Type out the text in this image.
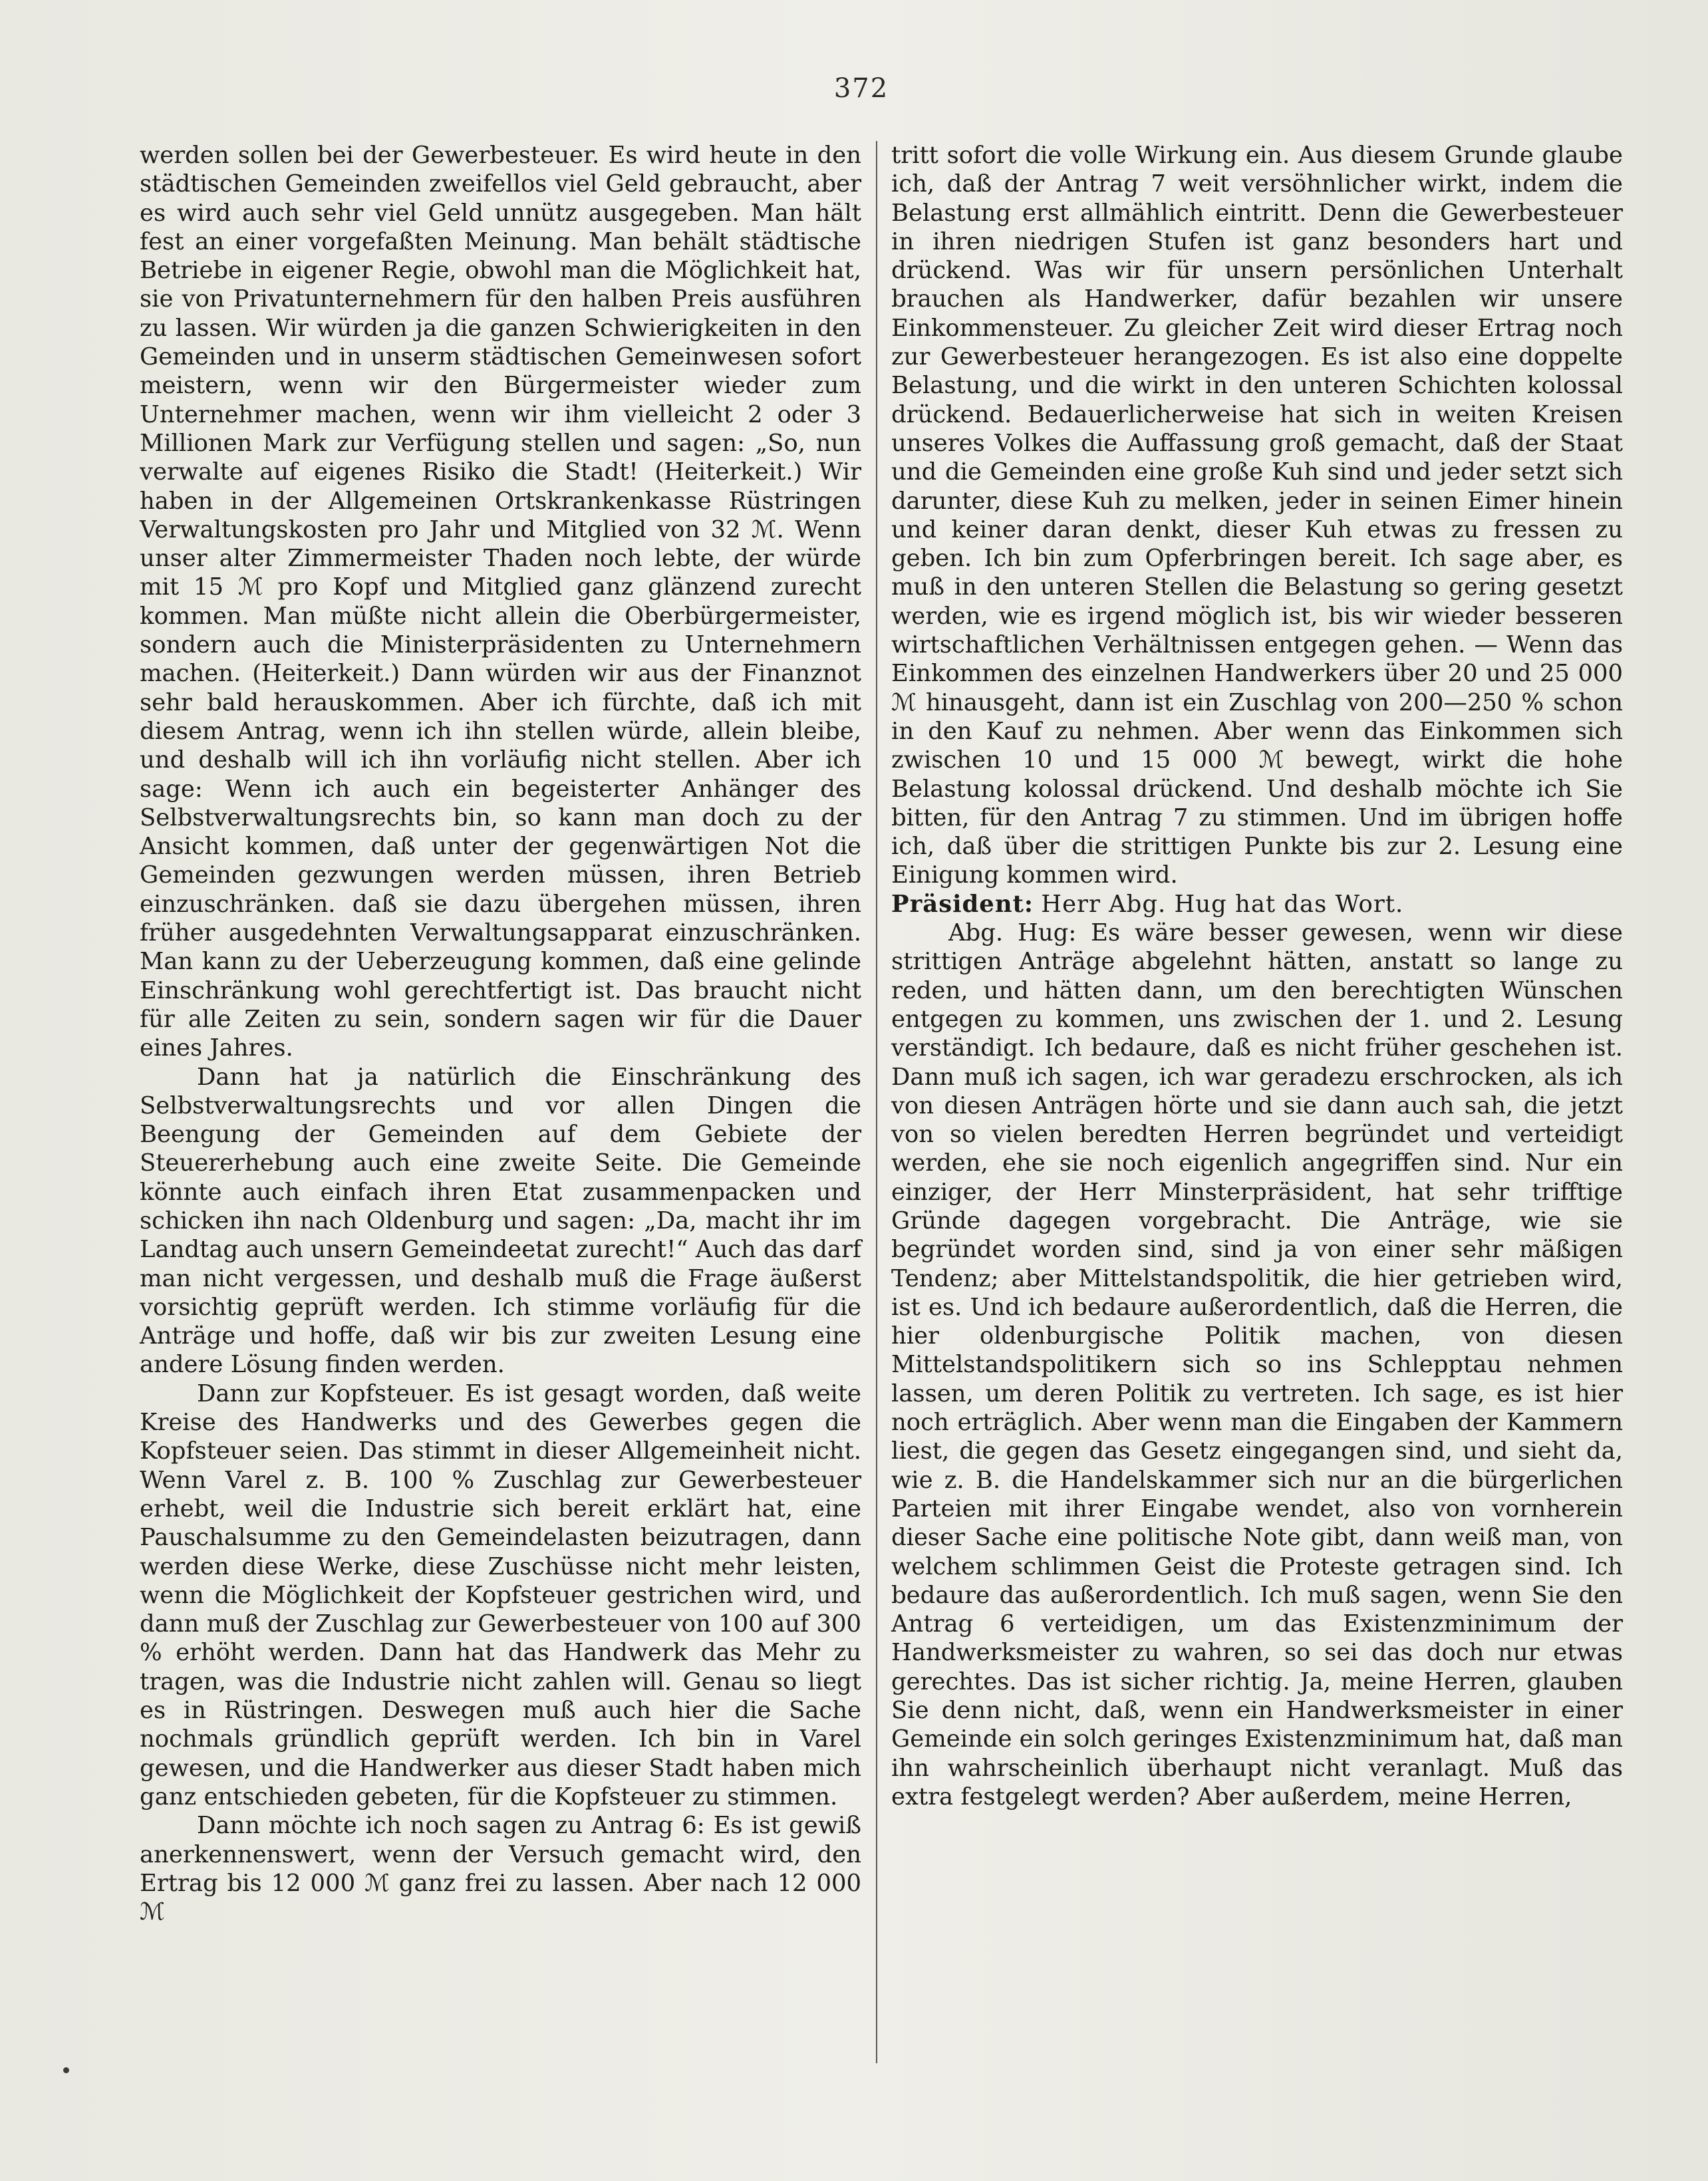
372

werden sollen bei der Gewerbesteuer. Es wird heute in den städtischen Gemeinden zweifellos viel Geld gebraucht, aber es wird auch sehr viel Geld unnütz ausgegeben. Man hält fest an einer vorgefaßten Meinung. Man behält städtische Betriebe in eigener Regie, obwohl man die Möglichkeit hat, sie von Privatunternehmern für den halben Preis ausführen zu lassen. Wir würden ja die ganzen Schwierigkeiten in den Gemeinden und in unserm städtischen Gemeinwesen sofort meistern, wenn wir den Bürgermeister wieder zum Unternehmer machen, wenn wir ihm vielleicht 2 oder 3 Millionen Mark zur Verfügung stellen und sagen: „So, nun verwalte auf eigenes Risiko die Stadt! (Heiterkeit.) Wir haben in der Allgemeinen Ortskrankenkasse Rüstringen Verwaltungskosten pro Jahr und Mitglied von 32 ℳ. Wenn unser alter Zimmermeister Thaden noch lebte, der würde mit 15 ℳ pro Kopf und Mitglied ganz glänzend zurecht kommen. Man müßte nicht allein die Oberbürgermeister, sondern auch die Ministerpräsidenten zu Unternehmern machen. (Heiterkeit.) Dann würden wir aus der Finanznot sehr bald herauskommen. Aber ich fürchte, daß ich mit diesem Antrag, wenn ich ihn stellen würde, allein bleibe, und deshalb will ich ihn vorläufig nicht stellen. Aber ich sage: Wenn ich auch ein begeisterter Anhänger des Selbstverwaltungsrechts bin, so kann man doch zu der Ansicht kommen, daß unter der gegenwärtigen Not die Gemeinden gezwungen werden müssen, ihren Betrieb einzuschränken. daß sie dazu übergehen müssen, ihren früher ausgedehnten Verwaltungsapparat einzuschränken. Man kann zu der Ueberzeugung kommen, daß eine gelinde Einschränkung wohl gerechtfertigt ist. Das braucht nicht für alle Zeiten zu sein, sondern sagen wir für die Dauer eines Jahres.

Dann hat ja natürlich die Einschränkung des Selbstverwaltungsrechts und vor allen Dingen die Beengung der Gemeinden auf dem Gebiete der Steuererhebung auch eine zweite Seite. Die Gemeinde könnte auch einfach ihren Etat zusammenpacken und schicken ihn nach Oldenburg und sagen: „Da, macht ihr im Landtag auch unsern Gemeindeetat zurecht!“ Auch das darf man nicht vergessen, und deshalb muß die Frage äußerst vorsichtig geprüft werden. Ich stimme vorläufig für die Anträge und hoffe, daß wir bis zur zweiten Lesung eine andere Lösung finden werden.

Dann zur Kopfsteuer. Es ist gesagt worden, daß weite Kreise des Handwerks und des Gewerbes gegen die Kopfsteuer seien. Das stimmt in dieser Allgemeinheit nicht. Wenn Varel z. B. 100 % Zuschlag zur Gewerbesteuer erhebt, weil die Industrie sich bereit erklärt hat, eine Pauschalsumme zu den Gemeindelasten beizutragen, dann werden diese Werke, diese Zuschüsse nicht mehr leisten, wenn die Möglichkeit der Kopfsteuer gestrichen wird, und dann muß der Zuschlag zur Gewerbesteuer von 100 auf 300 % erhöht werden. Dann hat das Handwerk das Mehr zu tragen, was die Industrie nicht zahlen will. Genau so liegt es in Rüstringen. Deswegen muß auch hier die Sache nochmals gründlich geprüft werden. Ich bin in Varel gewesen, und die Handwerker aus dieser Stadt haben mich ganz entschieden gebeten, für die Kopfsteuer zu stimmen.

Dann möchte ich noch sagen zu Antrag 6: Es ist gewiß anerkennenswert, wenn der Versuch gemacht wird, den Ertrag bis 12 000 ℳ ganz frei zu lassen. Aber nach 12 000 ℳ

tritt sofort die volle Wirkung ein. Aus diesem Grunde glaube ich, daß der Antrag 7 weit versöhnlicher wirkt, indem die Belastung erst allmählich eintritt. Denn die Gewerbesteuer in ihren niedrigen Stufen ist ganz besonders hart und drückend. Was wir für unsern persönlichen Unterhalt brauchen als Handwerker, dafür bezahlen wir unsere Einkommensteuer. Zu gleicher Zeit wird dieser Ertrag noch zur Gewerbesteuer herangezogen. Es ist also eine doppelte Belastung, und die wirkt in den unteren Schichten kolossal drückend. Bedauerlicherweise hat sich in weiten Kreisen unseres Volkes die Auffassung groß gemacht, daß der Staat und die Gemeinden eine große Kuh sind und jeder setzt sich darunter, diese Kuh zu melken, jeder in seinen Eimer hinein und keiner daran denkt, dieser Kuh etwas zu fressen zu geben. Ich bin zum Opferbringen bereit. Ich sage aber, es muß in den unteren Stellen die Belastung so gering gesetzt werden, wie es irgend möglich ist, bis wir wieder besseren wirtschaftlichen Verhältnissen entgegen gehen. — Wenn das Einkommen des einzelnen Handwerkers über 20 und 25 000 ℳ hinausgeht, dann ist ein Zuschlag von 200—250 % schon in den Kauf zu nehmen. Aber wenn das Einkommen sich zwischen 10 und 15 000 ℳ bewegt, wirkt die hohe Belastung kolossal drückend. Und deshalb möchte ich Sie bitten, für den Antrag 7 zu stimmen. Und im übrigen hoffe ich, daß über die strittigen Punkte bis zur 2. Lesung eine Einigung kommen wird.

Präsident: Herr Abg. Hug hat das Wort.

Abg. Hug: Es wäre besser gewesen, wenn wir diese strittigen Anträge abgelehnt hätten, anstatt so lange zu reden, und hätten dann, um den berechtigten Wünschen entgegen zu kommen, uns zwischen der 1. und 2. Lesung verständigt. Ich bedaure, daß es nicht früher geschehen ist. Dann muß ich sagen, ich war geradezu erschrocken, als ich von diesen Anträgen hörte und sie dann auch sah, die jetzt von so vielen beredten Herren begründet und verteidigt werden, ehe sie noch eigenlich angegriffen sind. Nur ein einziger, der Herr Minsterpräsident, hat sehr trifftige Gründe dagegen vorgebracht. Die Anträge, wie sie begründet worden sind, sind ja von einer sehr mäßigen Tendenz; aber Mittelstandspolitik, die hier getrieben wird, ist es. Und ich bedaure außerordentlich, daß die Herren, die hier oldenburgische Politik machen, von diesen Mittelstandspolitikern sich so ins Schlepptau nehmen lassen, um deren Politik zu vertreten. Ich sage, es ist hier noch erträglich. Aber wenn man die Eingaben der Kammern liest, die gegen das Gesetz eingegangen sind, und sieht da, wie z. B. die Handelskammer sich nur an die bürgerlichen Parteien mit ihrer Eingabe wendet, also von vornherein dieser Sache eine politische Note gibt, dann weiß man, von welchem schlimmen Geist die Proteste getragen sind. Ich bedaure das außerordentlich. Ich muß sagen, wenn Sie den Antrag 6 verteidigen, um das Existenzminimum der Handwerksmeister zu wahren, so sei das doch nur etwas gerechtes. Das ist sicher richtig. Ja, meine Herren, glauben Sie denn nicht, daß, wenn ein Handwerksmeister in einer Gemeinde ein solch geringes Existenzminimum hat, daß man ihn wahrscheinlich überhaupt nicht veranlagt. Muß das extra festgelegt werden? Aber außerdem, meine Herren,
